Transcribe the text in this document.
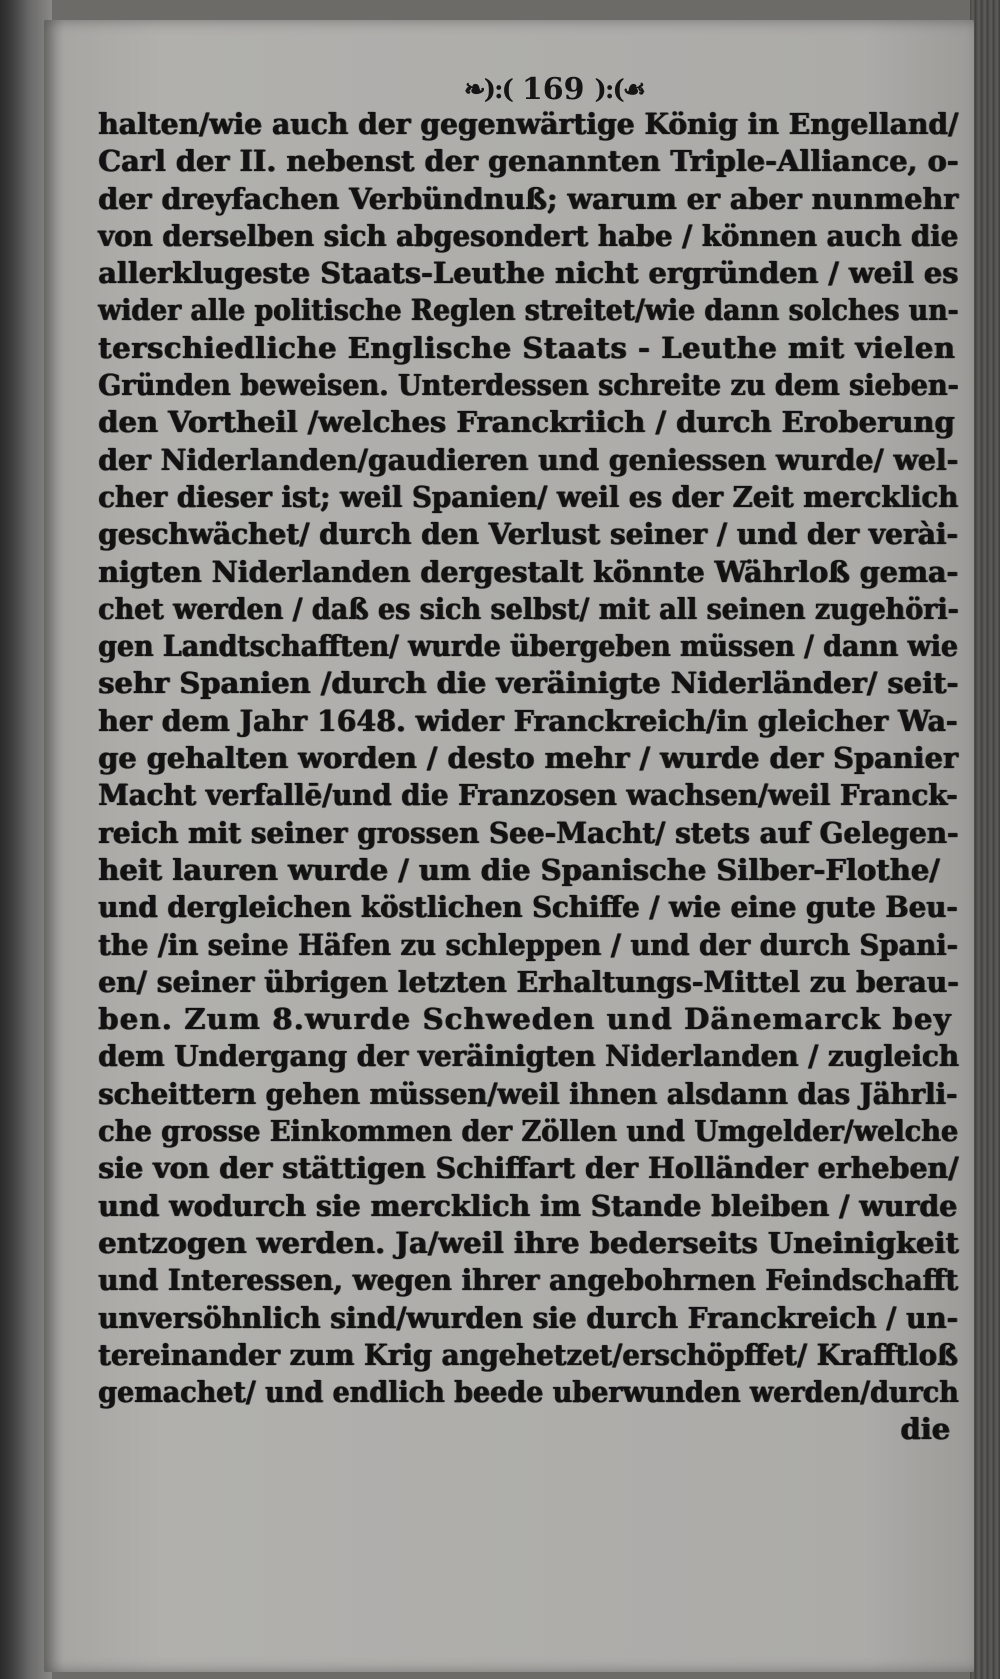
❧):( 169 ):(☙
halten/wie auch der gegenwärtige König in Engelland/
Carl der II. nebenst der genannten Triple-Alliance, o-
der dreyfachen Verbündnuß; warum er aber nunmehr
von derselben sich abgesondert habe / können auch die
allerklugeste Staats-Leuthe nicht ergründen / weil es
wider alle politische Reglen streitet/wie dann solches un-
terschiedliche Englische Staats - Leuthe mit vielen
Gründen beweisen. Unterdessen schreite zu dem sieben-
den Vortheil /welches Franckriich / durch Eroberung
der Niderlanden/gaudieren und geniessen wurde/ wel-
cher dieser ist; weil Spanien/ weil es der Zeit mercklich
geschwächet/ durch den Verlust seiner / und der verài-
nigten Niderlanden dergestalt könnte Währloß gema-
chet werden / daß es sich selbst/ mit all seinen zugehöri-
gen Landtschafften/ wurde übergeben müssen / dann wie
sehr Spanien /durch die veräinigte Niderländer/ seit-
her dem Jahr 1648. wider Franckreich/in gleicher Wa-
ge gehalten worden / desto mehr / wurde der Spanier
Macht verfallē/und die Franzosen wachsen/weil Franck-
reich mit seiner grossen See-Macht/ stets auf Gelegen-
heit lauren wurde / um die Spanische Silber-Flothe/
und dergleichen köstlichen Schiffe / wie eine gute Beu-
the /in seine Häfen zu schleppen / und der durch Spani-
en/ seiner übrigen letzten Erhaltungs-Mittel zu berau-
ben. Zum 8.wurde Schweden und Dänemarck bey
dem Undergang der veräinigten Niderlanden / zugleich
scheittern gehen müssen/weil ihnen alsdann das Jährli-
che grosse Einkommen der Zöllen und Umgelder/welche
sie von der stättigen Schiffart der Holländer erheben/
und wodurch sie mercklich im Stande bleiben / wurde
entzogen werden. Ja/weil ihre bederseits Uneinigkeit
und Interessen, wegen ihrer angebohrnen Feindschafft
unversöhnlich sind/wurden sie durch Franckreich / un-
tereinander zum Krig angehetzet/erschöpffet/ Krafftloß
gemachet/ und endlich beede uberwunden werden/durch
die
